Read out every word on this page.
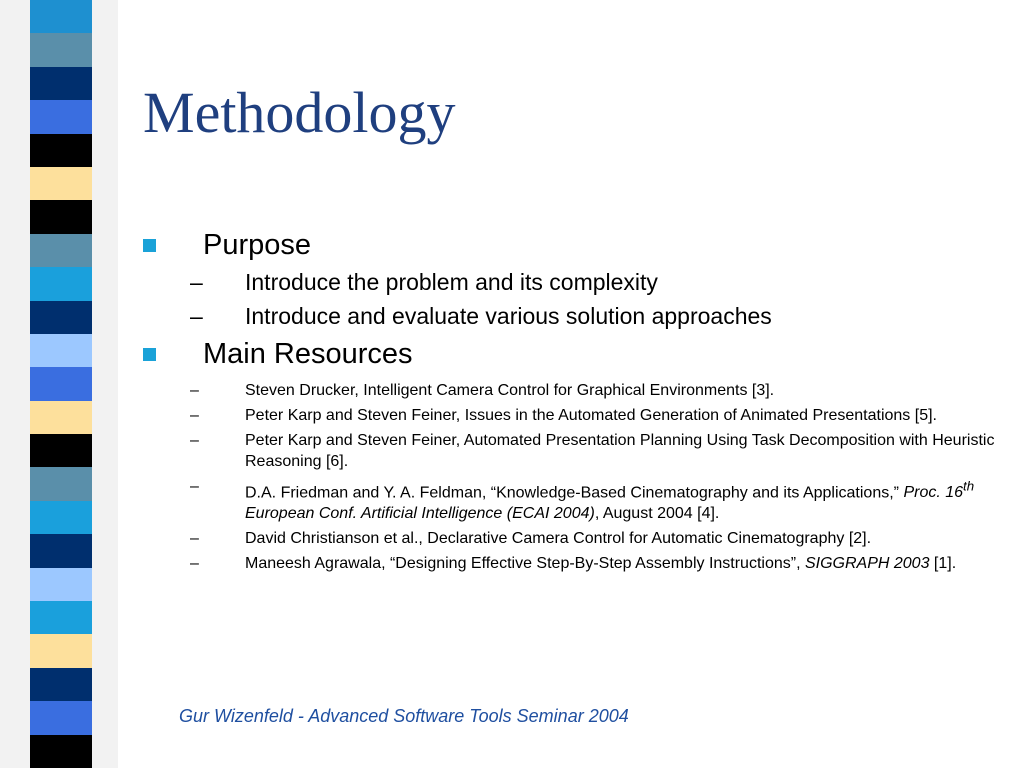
Methodology
Purpose
– Introduce the problem and its complexity
– Introduce and evaluate various solution approaches
Main Resources
–	Steven Drucker, Intelligent Camera Control for Graphical Environments [3].
–	Peter Karp and Steven Feiner, Issues in the Automated Generation of Animated Presentations [5].
–	Peter Karp and Steven Feiner, Automated Presentation Planning Using Task Decomposition with Heuristic Reasoning [6].
–	D.A. Friedman and Y. A. Feldman, “Knowledge-Based Cinematography and its Applications,” Proc. 16th European Conf. Artificial Intelligence (ECAI 2004), August 2004 [4].
–	David Christianson et al., Declarative Camera Control for Automatic Cinematography [2].
–	Maneesh Agrawala, “Designing Effective Step-By-Step Assembly Instructions”, SIGGRAPH 2003 [1].
Gur Wizenfeld - Advanced Software Tools Seminar 2004
